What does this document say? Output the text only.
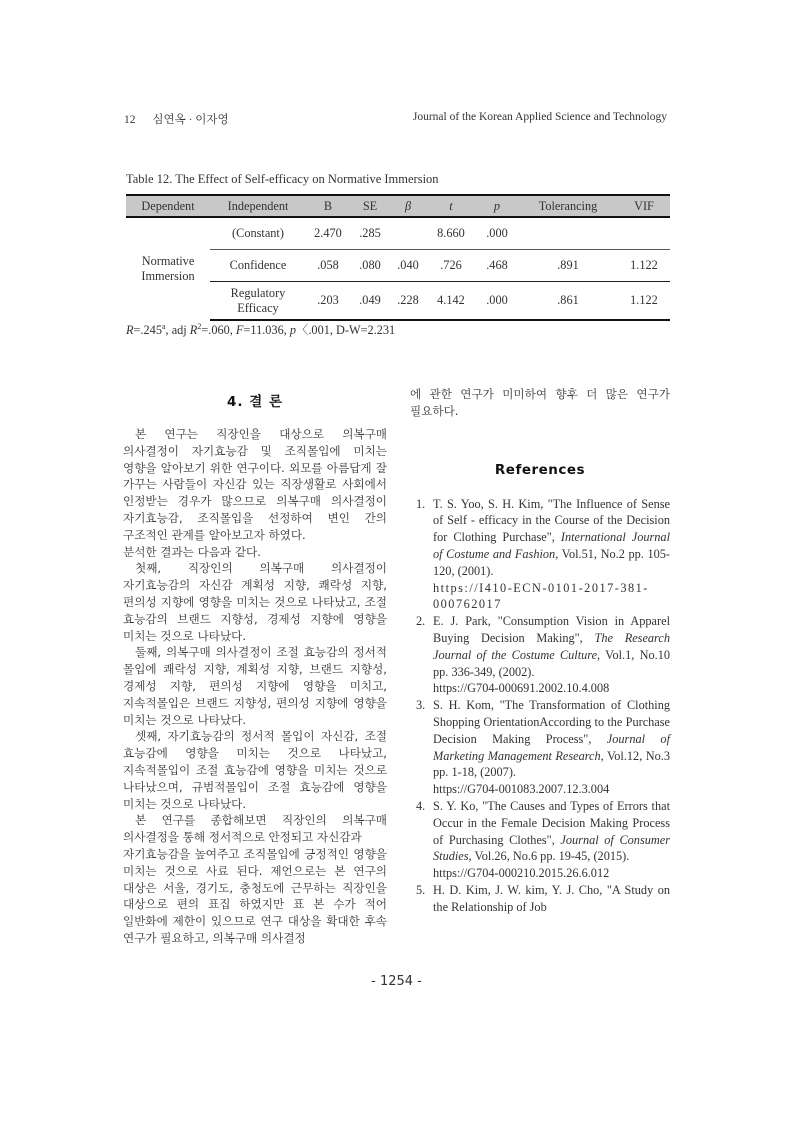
12 심연옥 · 이자영	Journal of the Korean Applied Science and Technology
Table 12. The Effect of Self-efficacy on Normative Immersion
Dependent	Independent	B	SE	β	t	p	Tolerancing	VIF
Normative Immersion	(Constant)	2.470	.285		8.660	.000		
	Confidence	.058	.080	.040	.726	.468	.891	1.122
	Regulatory Efficacy	.203	.049	.228	4.142	.000	.861	1.122
R=.245$^a$, adj $R^2=.060$, F=11.036, p〈.001, D-W=2.231
4. 결 론

본 연구는 직장인을 대상으로 의복구매 의사결정이 자기효능감 및 조직몰입에 미치는 영향을 알아보기 위한 연구이다. 외모를 아름답게 잘 가꾸는 사람들이 자신감 있는 직장생활로 사회에서 인정받는 경우가 많으므로 의복구매 의사결정이 자기효능감, 조직몰입을 선정하여 변인 간의 구조적인 관계를 알아보고자 하였다.

분석한 결과는 다음과 같다.

첫째, 직장인의 의복구매 의사결정이 자기효능감의 자신감 계획성 지향, 쾌락성 지향, 편의성 지향에 영향을 미치는 것으로 나타났고, 조절 효능감의 브랜드 지향성, 경제성 지향에 영향을 미치는 것으로 나타났다.

둘째, 의복구매 의사결정이 조절 효능감의 정서적 몰입에 쾌락성 지향, 계획성 지향, 브랜드 지향성, 경제성 지향, 편의성 지향에 영향을 미치고, 지속적몰입은 브랜드 지향성, 편의성 지향에 영향을 미치는 것으로 나타났다.

셋째, 자기효능감의 정서적 몰입이 자신감, 조절 효능감에 영향을 미치는 것으로 나타났고, 지속적몰입이 조절 효능감에 영향을 미치는 것으로 나타났으며, 규범적몰입이 조절 효능감에 영향을 미치는 것으로 나타났다.

본 연구를 종합해보면 직장인의 의복구매 의사결정을 통해 정서적으로 안정되고 자신감과

자기효능감을 높여주고 조직몰입에 긍정적인 영향을 미치는 것으로 사료 된다. 제언으로는 본 연구의 대상은 서울, 경기도, 충청도에 근무하는 직장인을 대상으로 편의 표집 하였지만 표 본 수가 적어 일반화에 제한이 있으므로 연구 대상을 확대한 후속 연구가 필요하고, 의복구매 의사결정

에 관한 연구가 미미하여 향후 더 많은 연구가 필요하다.

References
1. T. S. Yoo, S. H. Kim, "The Influence of Sense of Self - efficacy in the Course of the Decision for Clothing Purchase", International Journal of Costume and Fashion, Vol.51, No.2 pp. 105-120, (2001).
https://I410-ECN-0101-2017-381-000762017
2. E. J. Park, "Consumption Vision in Apparel Buying Decision Making", The Research Journal of the Costume Culture, Vol.1, No.10 pp. 336-349, (2002).
https://G704-000691.2002.10.4.008
3. S. H. Kom, "The Transformation of Clothing Shopping OrientationAccording to the Purchase Decision Making Process", Journal of Marketing Management Research, Vol.12, No.3 pp. 1-18, (2007).
https://G704-001083.2007.12.3.004
4. S. Y. Ko, "The Causes and Types of Errors that Occur in the Female Decision Making Process of Purchasing Clothes", Journal of Consumer Studies, Vol.26, No.6 pp. 19-45, (2015).
https://G704-000210.2015.26.6.012
5. H. D. Kim, J. W. kim, Y. J. Cho, "A Study on the Relationship of Job
- 1254 -
